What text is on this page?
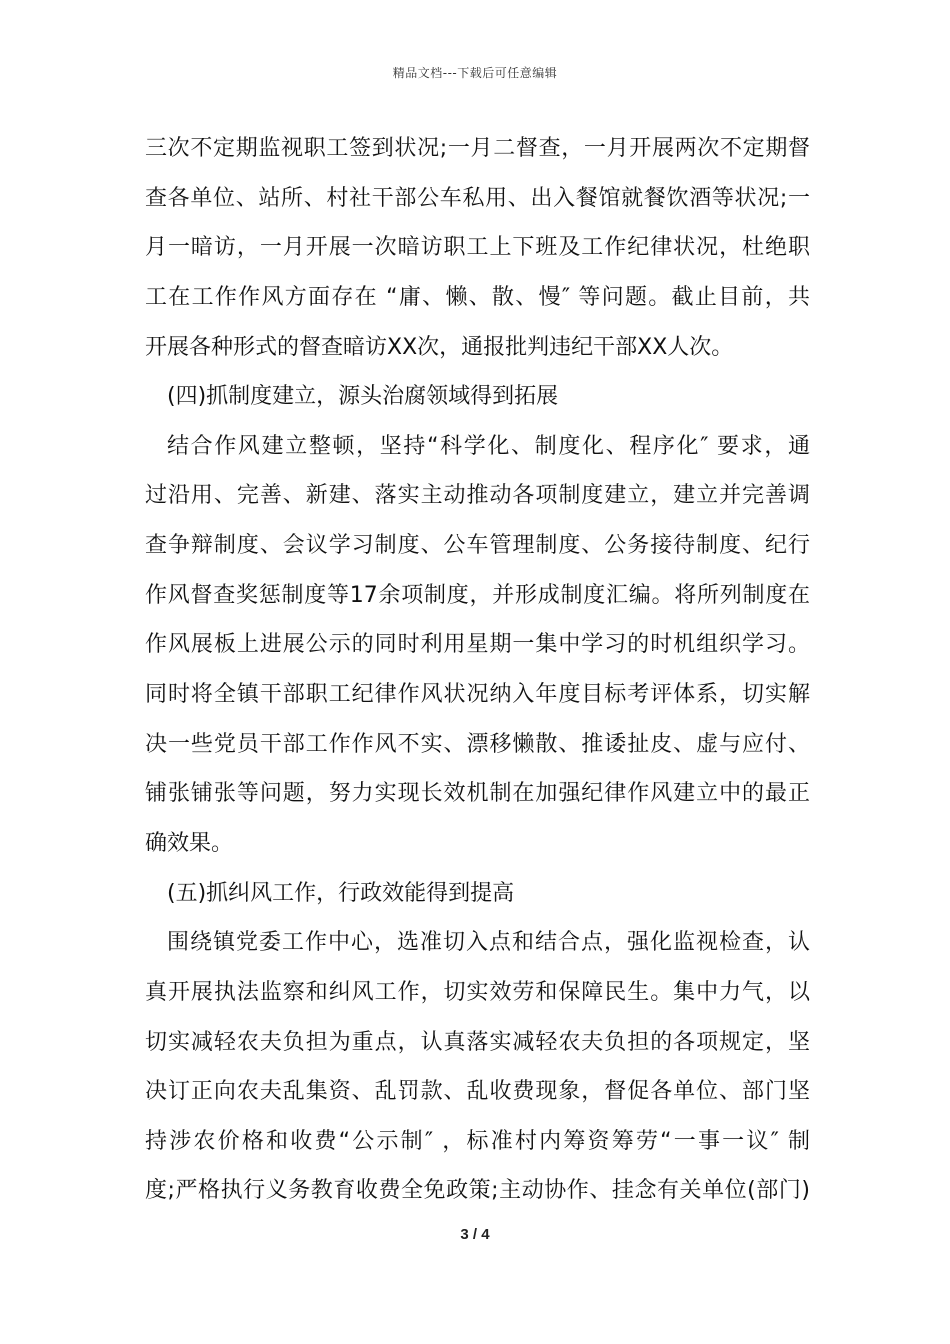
精品文档---下载后可任意编辑
三次不定期监视职工签到状况;一月二督查，一月开展两次不定期督
查各单位、站所、村社干部公车私用、出入餐馆就餐饮酒等状况;一
月一暗访，一月开展一次暗访职工上下班及工作纪律状况，杜绝职
工在工作作风方面存在 “庸、懒、散、慢″ 等问题。截止目前，共
开展各种形式的督查暗访XX次，通报批判违纪干部XX人次。
(四)抓制度建立，源头治腐领域得到拓展
结合作风建立整顿，坚持“科学化、制度化、程序化″ 要求，通
过沿用、完善、新建、落实主动推动各项制度建立，建立并完善调
查争辩制度、会议学习制度、公车管理制度、公务接待制度、纪行
作风督查奖惩制度等17余项制度，并形成制度汇编。将所列制度在
作风展板上进展公示的同时利用星期一集中学习的时机组织学习。
同时将全镇干部职工纪律作风状况纳入年度目标考评体系，切实解
决一些党员干部工作作风不实、漂移懒散、推诿扯皮、虚与应付、
铺张铺张等问题，努力实现长效机制在加强纪律作风建立中的最正
确效果。
(五)抓纠风工作，行政效能得到提高
围绕镇党委工作中心，选准切入点和结合点，强化监视检查，认
真开展执法监察和纠风工作，切实效劳和保障民生。集中力气，以
切实减轻农夫负担为重点，认真落实减轻农夫负担的各项规定，坚
决订正向农夫乱集资、乱罚款、乱收费现象，督促各单位、部门坚
持涉农价格和收费“公示制″ ，标准村内筹资筹劳“一事一议″ 制
度;严格执行义务教育收费全免政策;主动协作、挂念有关单位(部门)
3 / 4
